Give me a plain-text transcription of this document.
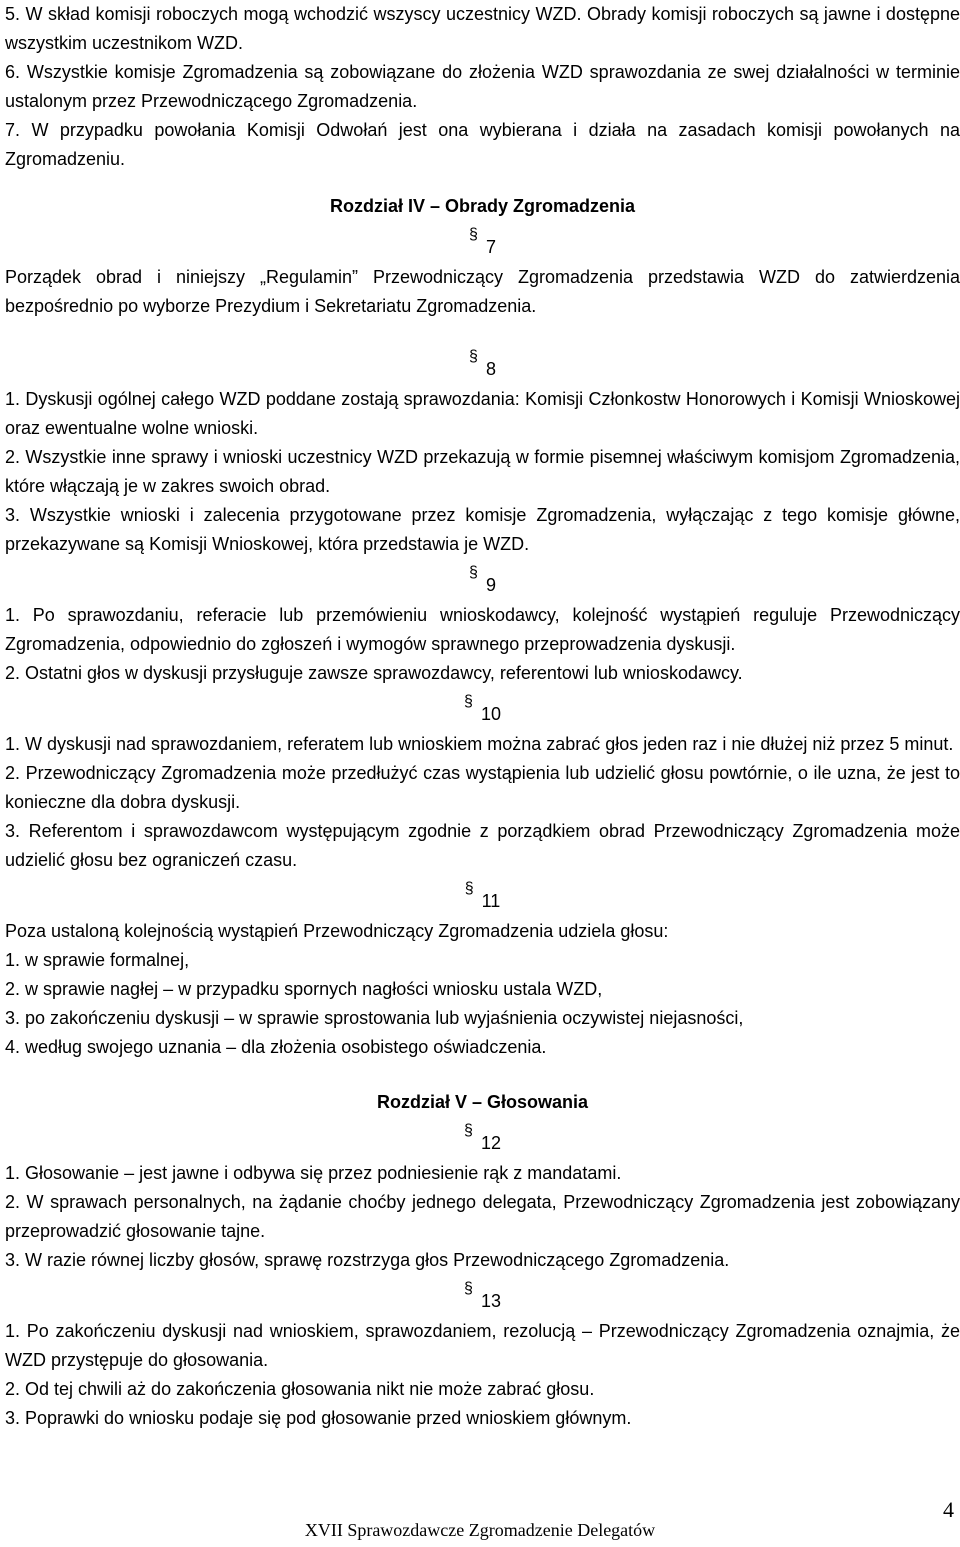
5. W skład komisji roboczych mogą wchodzić wszyscy uczestnicy WZD. Obrady komisji roboczych są jawne i dostępne wszystkim uczestnikom WZD.

6. Wszystkie komisje Zgromadzenia są zobowiązane do złożenia WZD sprawozdania ze swej działalności w terminie ustalonym przez Przewodniczącego Zgromadzenia.

7. W przypadku powołania Komisji Odwołań jest ona wybierana i działa na zasadach komisji powołanych na Zgromadzeniu.

Rozdział IV – Obrady Zgromadzenia
§7

Porządek obrad i niniejszy „Regulamin” Przewodniczący Zgromadzenia przedstawia WZD do zatwierdzenia bezpośrednio po wyborze Prezydium i Sekretariatu Zgromadzenia.

§8

1. Dyskusji ogólnej całego WZD poddane zostają sprawozdania: Komisji Członkostw Honorowych i Komisji Wnioskowej oraz ewentualne wolne wnioski.

2. Wszystkie inne sprawy i wnioski uczestnicy WZD przekazują w formie pisemnej właściwym komisjom Zgromadzenia, które włączają je w zakres swoich obrad.

3. Wszystkie wnioski i zalecenia przygotowane przez komisje Zgromadzenia, wyłączając z tego komisje główne, przekazywane są Komisji Wnioskowej, która przedstawia je WZD.

§9

1. Po sprawozdaniu, referacie lub przemówieniu wnioskodawcy, kolejność wystąpień reguluje Przewodniczący Zgromadzenia, odpowiednio do zgłoszeń i wymogów sprawnego przeprowadzenia dyskusji.

2. Ostatni głos w dyskusji przysługuje zawsze sprawozdawcy, referentowi lub wnioskodawcy.

§10

1. W dyskusji nad sprawozdaniem, referatem lub wnioskiem można zabrać głos jeden raz i nie dłużej niż przez 5 minut.

2. Przewodniczący Zgromadzenia może przedłużyć czas wystąpienia lub udzielić głosu powtórnie, o ile uzna, że jest to konieczne dla dobra dyskusji.

3. Referentom i sprawozdawcom występującym zgodnie z porządkiem obrad Przewodniczący Zgromadzenia może udzielić głosu bez ograniczeń czasu.

§11

Poza ustaloną kolejnością wystąpień Przewodniczący Zgromadzenia udziela głosu:

1. w sprawie formalnej,

2. w sprawie nagłej – w przypadku spornych nagłości wniosku ustala WZD,

3. po zakończeniu dyskusji – w sprawie sprostowania lub wyjaśnienia oczywistej niejasności,

4. według swojego uznania – dla złożenia osobistego oświadczenia.

Rozdział V – Głosowania
§12

1. Głosowanie – jest jawne i odbywa się przez podniesienie rąk z mandatami.

2. W sprawach personalnych, na żądanie choćby jednego delegata, Przewodniczący Zgromadzenia jest zobowiązany przeprowadzić głosowanie tajne.

3. W razie równej liczby głosów, sprawę rozstrzyga głos Przewodniczącego Zgromadzenia.

§13

1. Po zakończeniu dyskusji nad wnioskiem, sprawozdaniem, rezolucją – Przewodniczący Zgromadzenia oznajmia, że WZD przystępuje do głosowania.

2. Od tej chwili aż do zakończenia głosowania nikt nie może zabrać głosu.

3. Poprawki do wniosku podaje się pod głosowanie przed wnioskiem głównym.

4
XVII Sprawozdawcze Zgromadzenie Delegatów
